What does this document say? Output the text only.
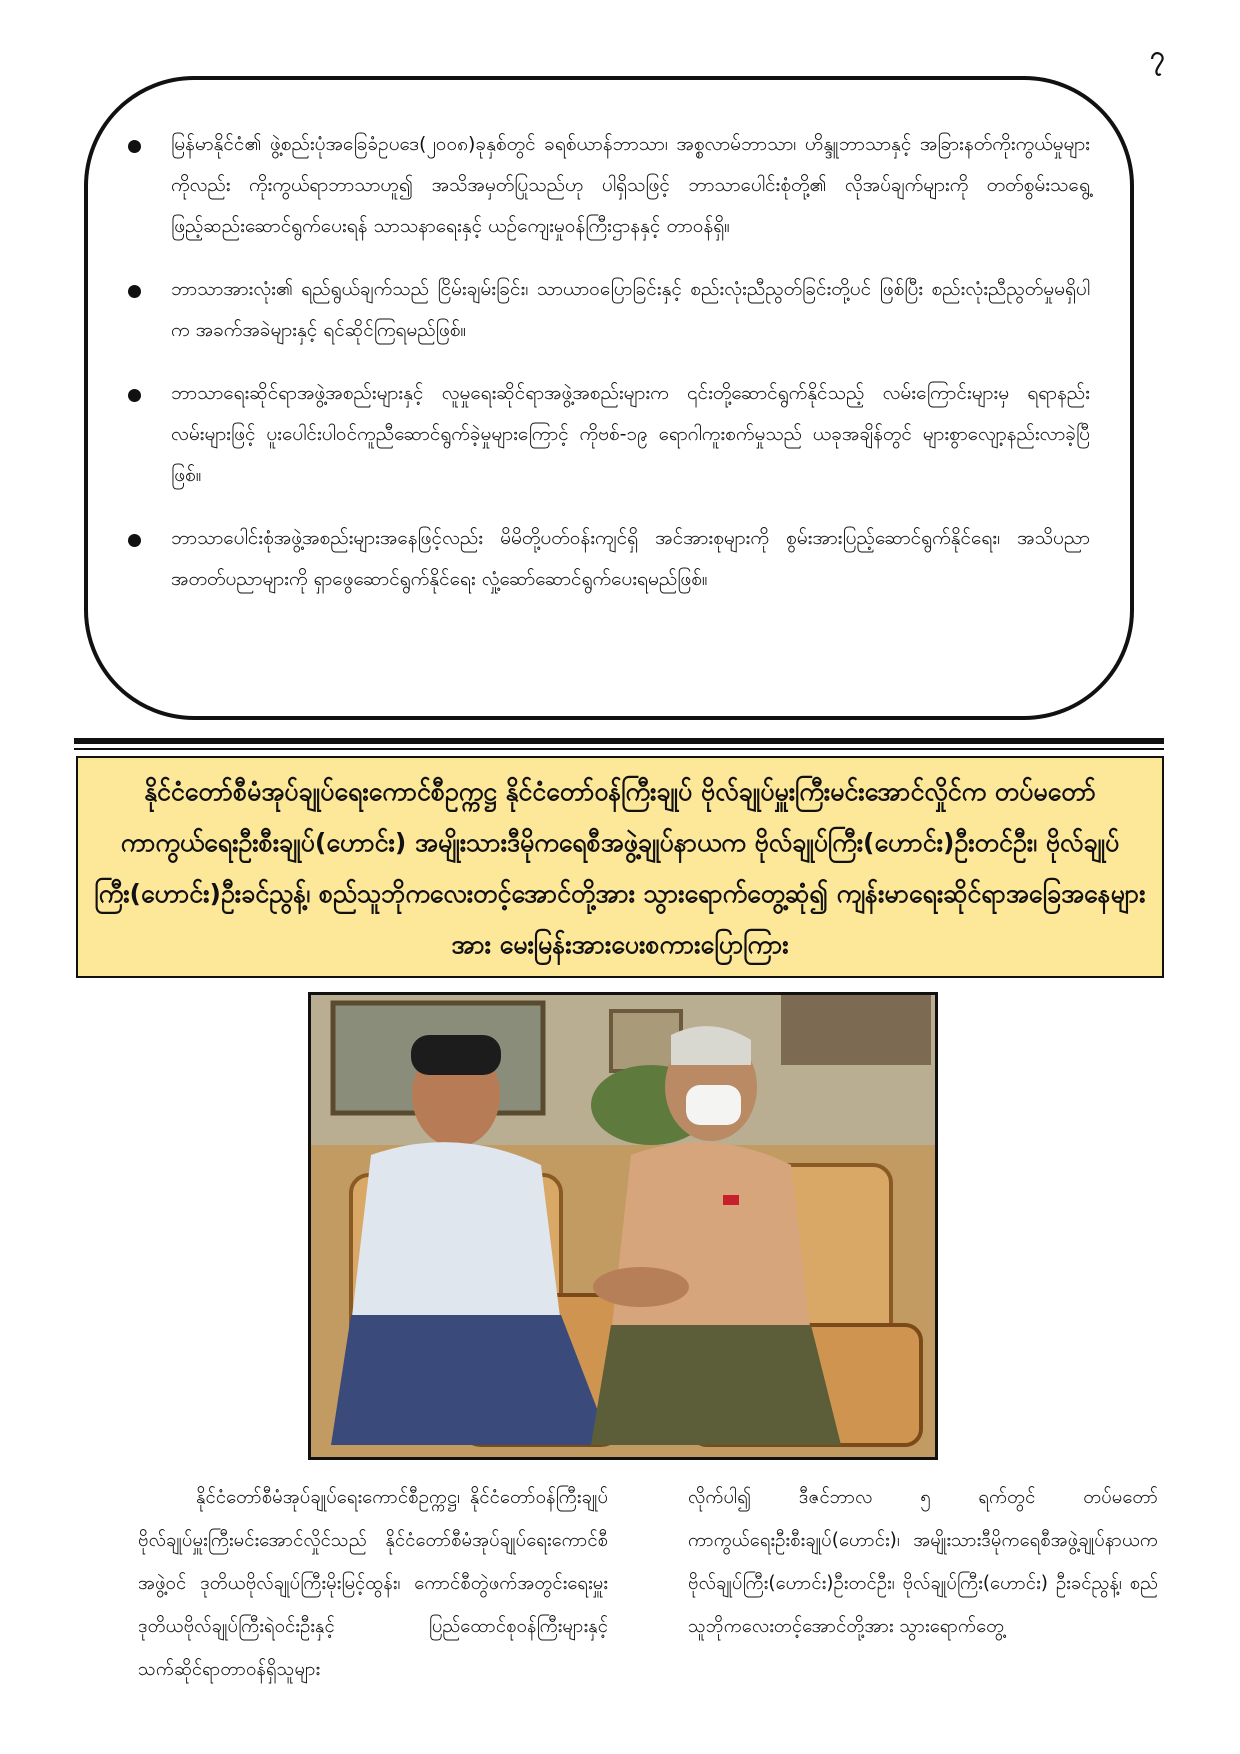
၇
မြန်မာနိုင်ငံ၏ ဖွဲ့စည်းပုံအခြေခံဥပဒေ(၂၀၀၈)ခုနှစ်တွင် ခရစ်ယာန်ဘာသာ၊ အစ္စလာမ်ဘာသာ၊ ဟိန္ဒူဘာသာနှင့် အခြားနတ်ကိုးကွယ်မှုများကိုလည်း ကိုးကွယ်ရာဘာသာဟူ၍ အသိအမှတ်ပြုသည်ဟု ပါရှိသဖြင့် ဘာသာပေါင်းစုံတို့၏ လိုအပ်ချက်များကို တတ်စွမ်းသရွေ့ ဖြည့်ဆည်းဆောင်ရွက်ပေးရန် သာသနာရေးနှင့် ယဉ်ကျေးမှုဝန်ကြီးဌာနနှင့် တာဝန်ရှိ။
ဘာသာအားလုံး၏ ရည်ရွယ်ချက်သည် ငြိမ်းချမ်းခြင်း၊ သာယာဝပြောခြင်းနှင့် စည်းလုံးညီညွတ်ခြင်းတို့ပင် ဖြစ်ပြီး စည်းလုံးညီညွတ်မှုမရှိပါက အခက်အခဲများနှင့် ရင်ဆိုင်ကြရမည်ဖြစ်။
ဘာသာရေးဆိုင်ရာအဖွဲ့အစည်းများနှင့် လူမှုရေးဆိုင်ရာအဖွဲ့အစည်းများက ၎င်းတို့ဆောင်ရွက်နိုင်သည့် လမ်းကြောင်းများမှ ရရာနည်းလမ်းများဖြင့် ပူးပေါင်းပါဝင်ကူညီဆောင်ရွက်ခဲ့မှုများကြောင့် ကိုဗစ်-၁၉ ရောဂါကူးစက်မှုသည် ယခုအချိန်တွင် များစွာလျော့နည်းလာခဲ့ပြီဖြစ်။
ဘာသာပေါင်းစုံအဖွဲ့အစည်းများအနေဖြင့်လည်း မိမိတို့ပတ်ဝန်းကျင်ရှိ အင်အားစုများကို စွမ်းအားပြည့်ဆောင်ရွက်နိုင်ရေး၊ အသိပညာအတတ်ပညာများကို ရှာဖွေဆောင်ရွက်နိုင်ရေး လှုံ့ဆော်ဆောင်ရွက်ပေးရမည်ဖြစ်။
နိုင်ငံတော်စီမံအုပ်ချုပ်ရေးကောင်စီဥက္ကဋ္ဌ နိုင်ငံတော်ဝန်ကြီးချုပ် ဗိုလ်ချုပ်မှူးကြီးမင်းအောင်လှိုင်က တပ်မတော်ကာကွယ်ရေးဦးစီးချုပ်(ဟောင်း) အမျိုးသားဒီမိုကရေစီအဖွဲ့ချုပ်နာယက ဗိုလ်ချုပ်ကြီး(ဟောင်း)ဦးတင်ဦး၊ ဗိုလ်ချုပ်ကြီး(ဟောင်း)ဦးခင်ညွန့်၊ စည်သူဘိုကလေးတင့်အောင်တို့အား သွားရောက်တွေ့ဆုံ၍ ကျန်းမာရေးဆိုင်ရာအခြေအနေများအား မေးမြန်းအားပေးစကားပြောကြား

နိုင်ငံတော်စီမံအုပ်ချုပ်ရေးကောင်စီဥက္ကဋ္ဌ၊ နိုင်ငံတော်ဝန်ကြီးချုပ် ဗိုလ်ချုပ်မှူးကြီးမင်းအောင်လှိုင်သည် နိုင်ငံတော်စီမံအုပ်ချုပ်ရေးကောင်စီအဖွဲ့ဝင် ဒုတိယဗိုလ်ချုပ်ကြီးမိုးမြင့်ထွန်း၊ ကောင်စီတွဲဖက်အတွင်းရေးမှူး ဒုတိယဗိုလ်ချုပ်ကြီးရဲဝင်းဦးနှင့် ပြည်ထောင်စုဝန်ကြီးများနှင့် သက်ဆိုင်ရာတာဝန်ရှိသူများ

လိုက်ပါ၍ ဒီဇင်ဘာလ ၅ ရက်တွင် တပ်မတော်ကာကွယ်ရေးဦးစီးချုပ်(ဟောင်း)၊ အမျိုးသားဒီမိုကရေစီအဖွဲ့ချုပ်နာယက ဗိုလ်ချုပ်ကြီး(ဟောင်း)ဦးတင်ဦး၊ ဗိုလ်ချုပ်ကြီး(ဟောင်း) ဦးခင်ညွန့်၊ စည်သူဘိုကလေးတင့်အောင်တို့အား သွားရောက်တွေ့
